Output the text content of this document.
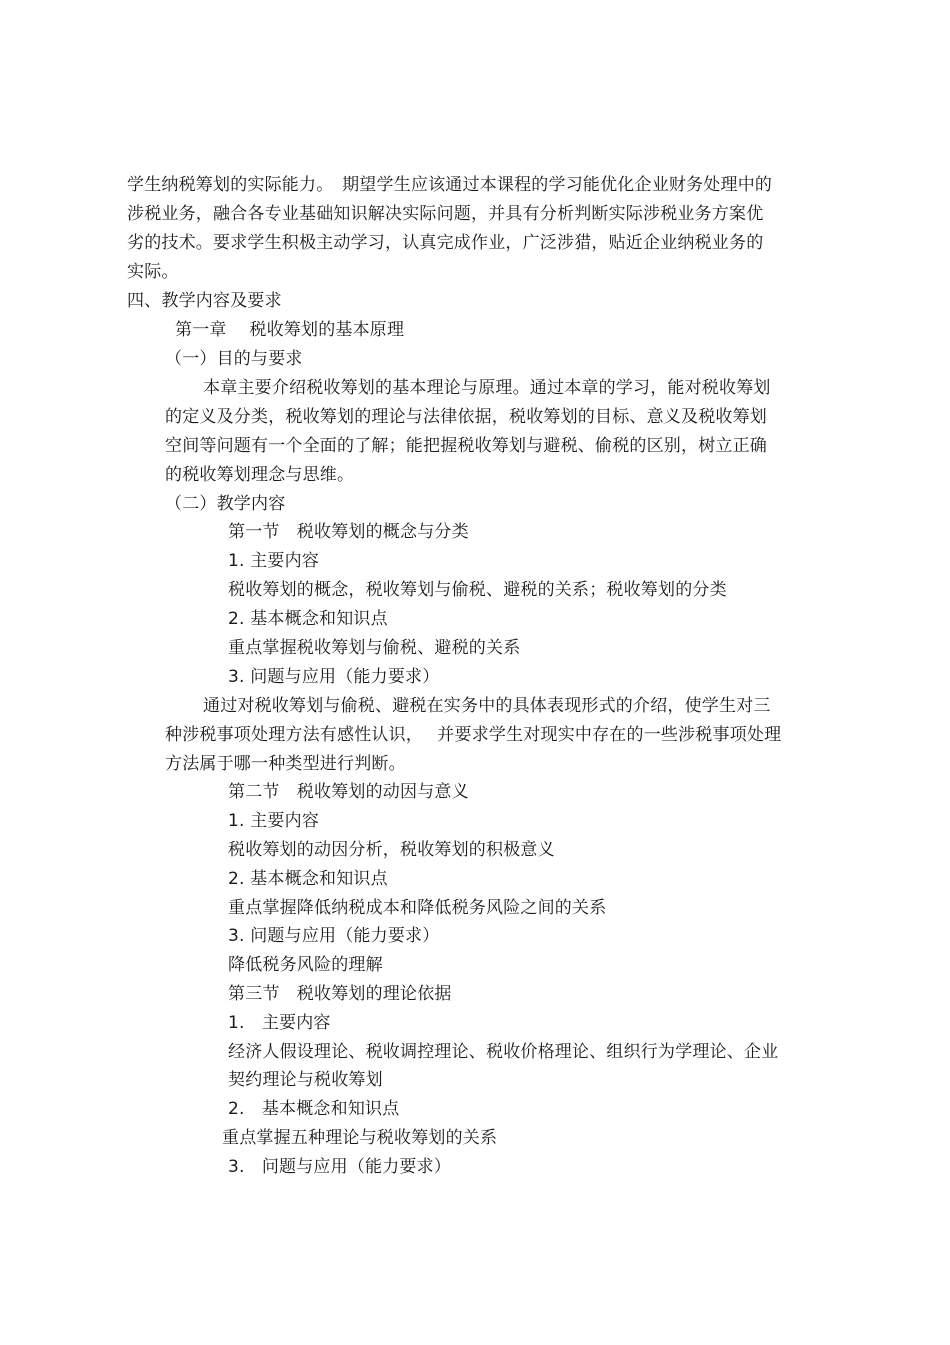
学生纳税筹划的实际能力。　期望学生应该通过本课程的学习能优化企业财务处理中的
涉税业务，融合各专业基础知识解决实际问题，并具有分析判断实际涉税业务方案优
劣的技术。要求学生积极主动学习，认真完成作业，广泛涉猎，贴近企业纳税业务的
实际。
四、教学内容及要求
第一章　 税收筹划的基本原理
（一）目的与要求
本章主要介绍税收筹划的基本理论与原理。通过本章的学习，能对税收筹划
的定义及分类，税收筹划的理论与法律依据，税收筹划的目标、意义及税收筹划
空间等问题有一个全面的了解；能把握税收筹划与避税、偷税的区别，树立正确
的税收筹划理念与思维。
（二）教学内容
第一节　税收筹划的概念与分类
1. 主要内容
税收筹划的概念，税收筹划与偷税、避税的关系；税收筹划的分类
2. 基本概念和知识点
重点掌握税收筹划与偷税、避税的关系
3. 问题与应用（能力要求）
通过对税收筹划与偷税、避税在实务中的具体表现形式的介绍，使学生对三
种涉税事项处理方法有感性认识，　 并要求学生对现实中存在的一些涉税事项处理
方法属于哪一种类型进行判断。
第二节　税收筹划的动因与意义
1. 主要内容
税收筹划的动因分析，税收筹划的积极意义
2. 基本概念和知识点
重点掌握降低纳税成本和降低税务风险之间的关系
3. 问题与应用（能力要求）
降低税务风险的理解
第三节　税收筹划的理论依据
1.　主要内容
经济人假设理论、税收调控理论、税收价格理论、组织行为学理论、企业
契约理论与税收筹划
2.　基本概念和知识点
重点掌握五种理论与税收筹划的关系
3.　问题与应用（能力要求）
